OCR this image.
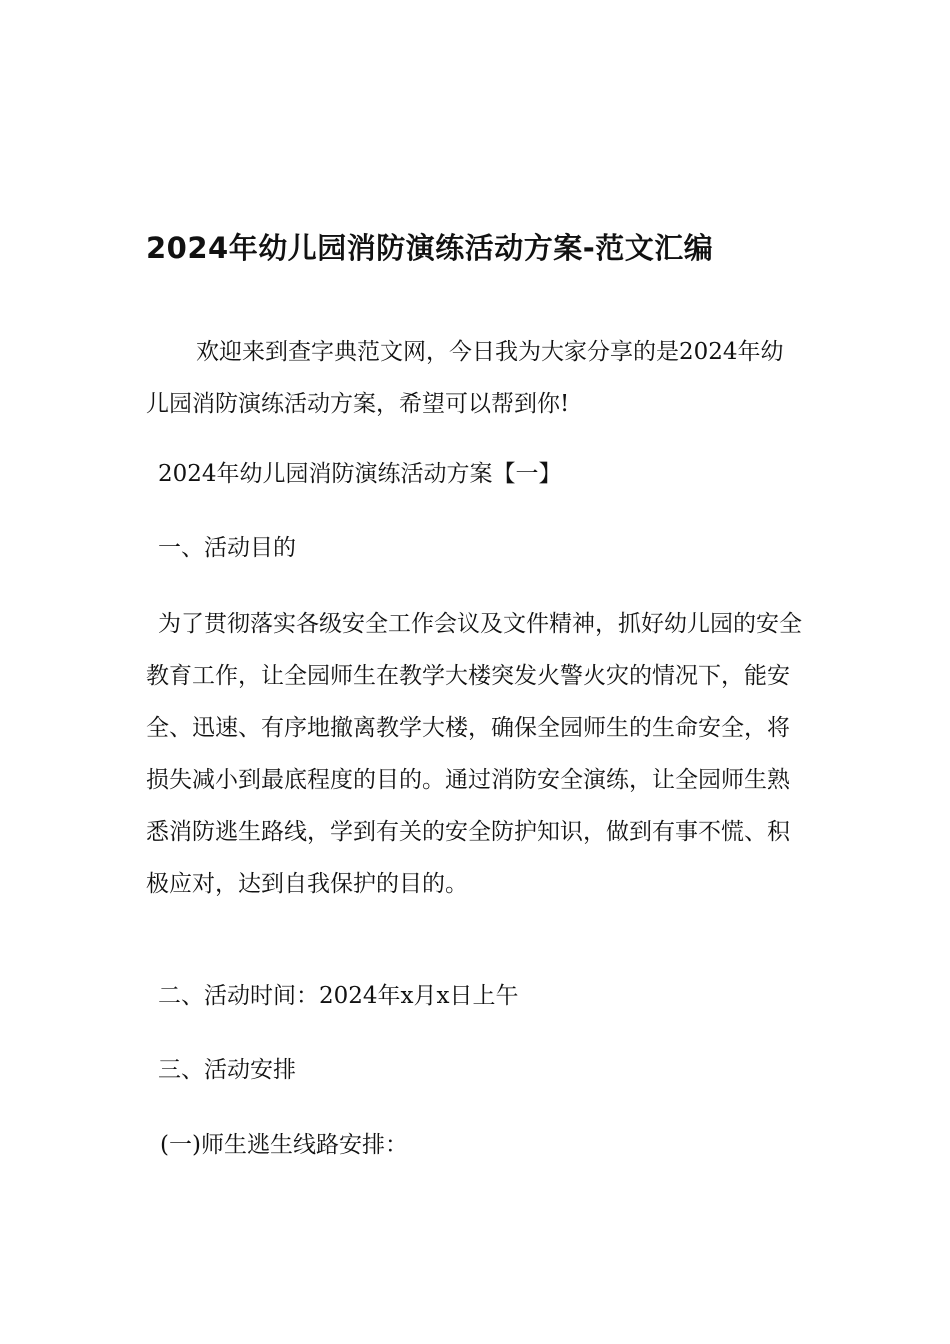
2024年幼儿园消防演练活动方案-范文汇编

欢迎来到查字典范文网，今日我为大家分享的是2024年幼儿园消防演练活动方案，希望可以帮到你!

2024年幼儿园消防演练活动方案【一】
一、活动目的

为了贯彻落实各级安全工作会议及文件精神，抓好幼儿园的安全教育工作，让全园师生在教学大楼突发火警火灾的情况下，能安全、迅速、有序地撤离教学大楼，确保全园师生的生命安全，将损失减小到最底程度的目的。通过消防安全演练，让全园师生熟悉消防逃生路线，学到有关的安全防护知识，做到有事不慌、积极应对，达到自我保护的目的。

二、活动时间：2024年x月x日上午
三、活动安排
(一)师生逃生线路安排：
